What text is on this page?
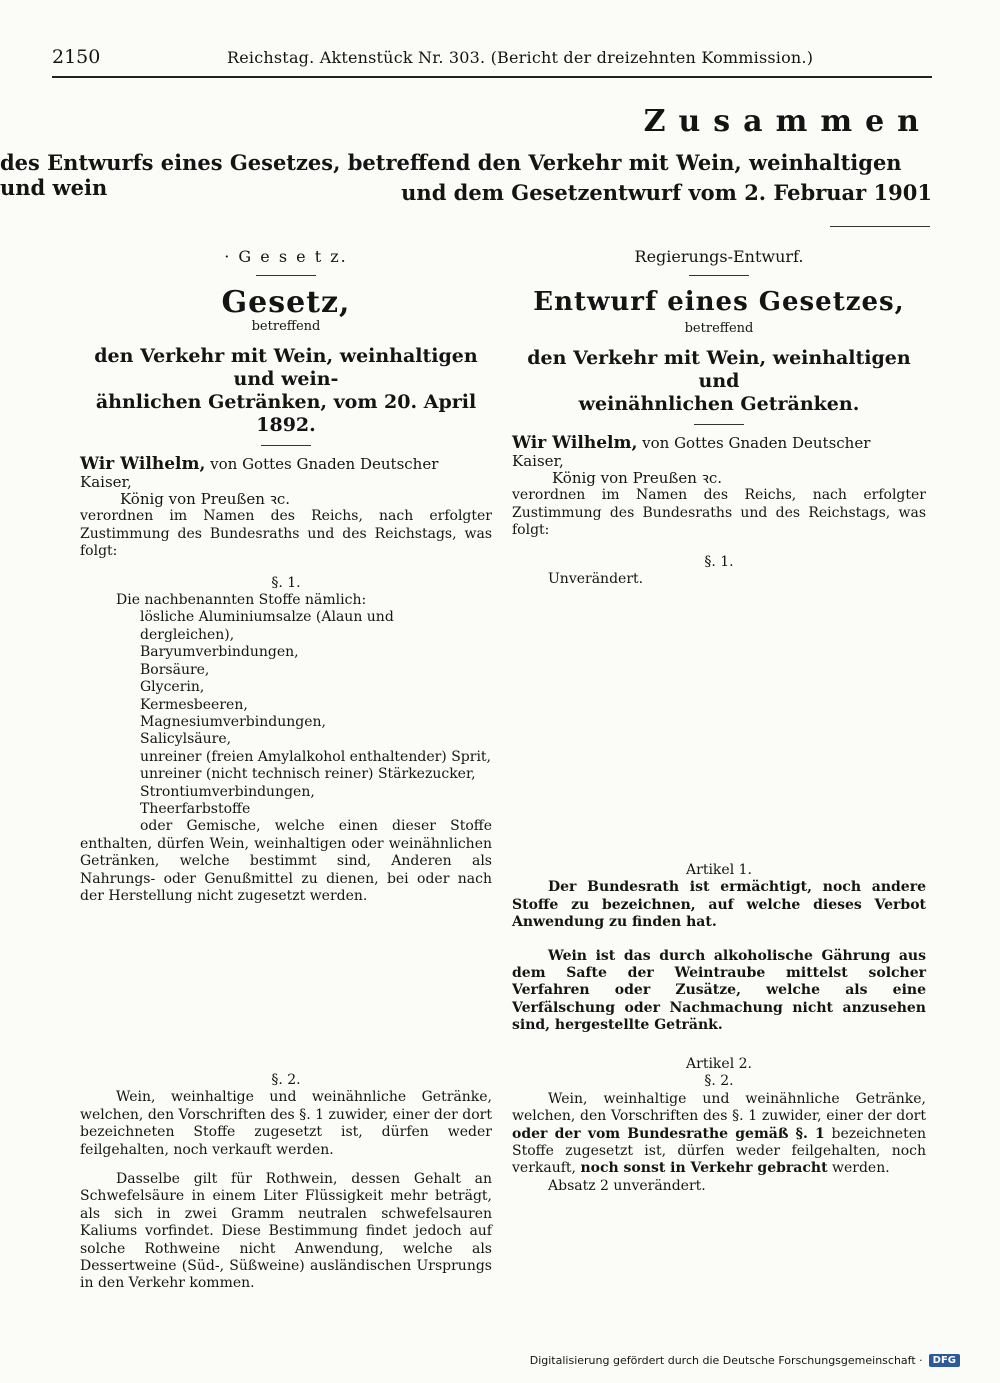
2150	Reichstag. Aktenstück Nr. 303. (Bericht der dreizehnten Kommission.)
Zusammen
des Entwurfs eines Gesetzes, betreffend den Verkehr mit Wein, weinhaltigen und wein	und dem Gesetzentwurf vom 2. Februar 1901
· G e s e t z.
Gesetz,
betreffend
den Verkehr mit Wein, weinhaltigen und wein-
ähnlichen Getränken, vom 20. April 1892.
Wir Wilhelm, von Gottes Gnaden Deutscher Kaiser,
König von Preußen ꝛc.
verordnen im Namen des Reichs, nach erfolgter Zustimmung des Bundesraths und des Reichstags, was folgt:
§. 1.
Die nachbenannten Stoffe nämlich:
lösliche Aluminiumsalze (Alaun und dergleichen),
Baryumverbindungen,
Borsäure,
Glycerin,
Kermesbeeren,
Magnesiumverbindungen,
Salicylsäure,
unreiner (freien Amylalkohol enthaltender) Sprit,
unreiner (nicht technisch reiner) Stärkezucker,
Strontiumverbindungen,
Theerfarbstoffe
oder Gemische, welche einen dieser Stoffe enthalten, dürfen Wein, weinhaltigen oder weinähnlichen Getränken, welche bestimmt sind, Anderen als Nahrungs- oder Genußmittel zu dienen, bei oder nach der Herstellung nicht zugesetzt werden.
§. 2.
Wein, weinhaltige und weinähnliche Getränke, welchen, den Vorschriften des §. 1 zuwider, einer der dort bezeichneten Stoffe zugesetzt ist, dürfen weder feilgehalten, noch verkauft werden.
Dasselbe gilt für Rothwein, dessen Gehalt an Schwefelsäure in einem Liter Flüssigkeit mehr beträgt, als sich in zwei Gramm neutralen schwefelsauren Kaliums vorfindet. Diese Bestimmung findet jedoch auf solche Rothweine nicht Anwendung, welche als Dessertweine (Süd-, Süßweine) ausländischen Ursprungs in den Verkehr kommen.
Regierungs-Entwurf.
Entwurf eines Gesetzes,
betreffend
den Verkehr mit Wein, weinhaltigen und
weinähnlichen Getränken.
Wir Wilhelm, von Gottes Gnaden Deutscher Kaiser,
König von Preußen ꝛc.
verordnen im Namen des Reichs, nach erfolgter Zustimmung des Bundesraths und des Reichstags, was folgt:
§. 1.
Unverändert.
Artikel 1.
Der Bundesrath ist ermächtigt, noch andere Stoffe zu bezeichnen, auf welche dieses Verbot Anwendung zu finden hat.
Wein ist das durch alkoholische Gährung aus dem Safte der Weintraube mittelst solcher Verfahren oder Zusätze, welche als eine Verfälschung oder Nachmachung nicht anzusehen sind, hergestellte Getränk.
Artikel 2.
§. 2.
Wein, weinhaltige und weinähnliche Getränke, welchen, den Vorschriften des §. 1 zuwider, einer der dort oder der vom Bundesrathe gemäß §. 1 bezeichneten Stoffe zugesetzt ist, dürfen weder feilgehalten, noch verkauft, noch sonst in Verkehr gebracht werden.
Absatz 2 unverändert.
Digitalisierung gefördert durch die Deutsche Forschungsgemeinschaft ·	DFG
